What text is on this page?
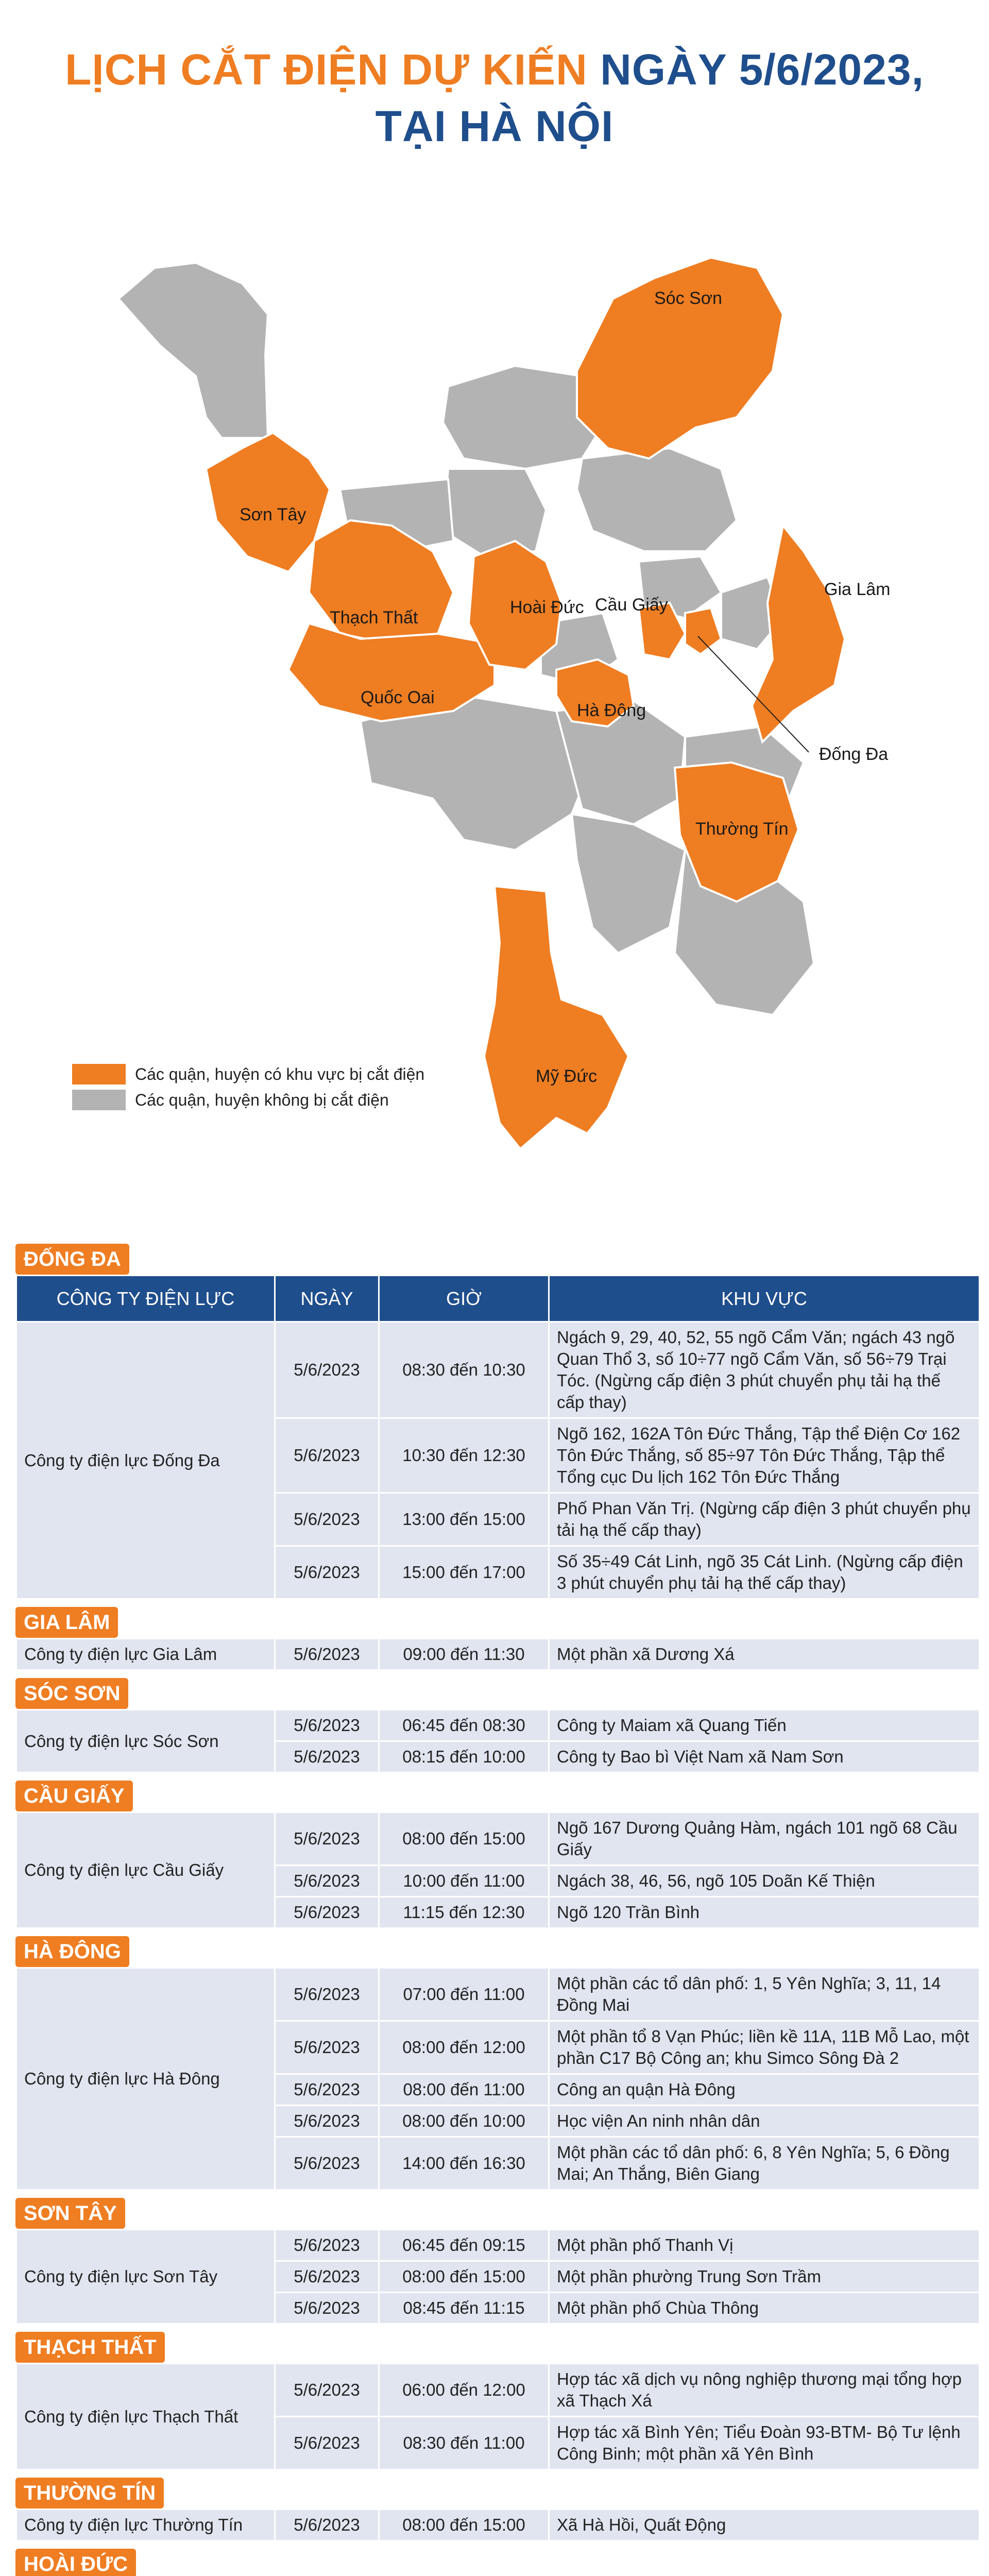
LỊCH CẮT ĐIỆN DỰ KIẾN NGÀY 5/6/2023,
TẠI HÀ NỘI
Sóc Sơn
Sơn Tây
Thạch Thất
Hoài Đức Cầu Giấy
Gia Lâm
Quốc Oai
Hà Đông
Đống Đa
Thường Tín
Mỹ Đức
Các quận, huyện có khu vực bị cắt điện
Các quận, huyện không bị cắt điện
ĐỐNG ĐA
CÔNG TY ĐIỆN LỰC	NGÀY	GIỜ	KHU VỰC
Công ty điện lực Đống Đa	5/6/2023	08:30 đến 10:30	Ngách 9, 29, 40, 52, 55 ngõ Cẩm Văn; ngách 43 ngõ Quan Thổ 3, số 10÷77 ngõ Cẩm Văn, số 56÷79 Trại Tóc. (Ngừng cấp điện 3 phút chuyển phụ tải hạ thế cấp thay)
	5/6/2023	10:30 đến 12:30	Ngõ 162, 162A Tôn Đức Thắng, Tập thể Điện Cơ 162 Tôn Đức Thắng, số 85÷97 Tôn Đức Thắng, Tập thể Tổng cục Du lịch 162 Tôn Đức Thắng
	5/6/2023	13:00 đến 15:00	Phố Phan Văn Trị. (Ngừng cấp điện 3 phút chuyển phụ tải hạ thế cấp thay)
	5/6/2023	15:00 đến 17:00	Số 35÷49 Cát Linh, ngõ 35 Cát Linh. (Ngừng cấp điện 3 phút chuyển phụ tải hạ thế cấp thay)
GIA LÂM
Công ty điện lực Gia Lâm	5/6/2023	09:00 đến 11:30	Một phần xã Dương Xá
SÓC SƠN
Công ty điện lực Sóc Sơn	5/6/2023	06:45 đến 08:30	Công ty Maiam xã Quang Tiến
	5/6/2023	08:15 đến 10:00	Công ty Bao bì Việt Nam xã Nam Sơn
CẦU GIẤY
Công ty điện lực Cầu Giấy	5/6/2023	08:00 đến 15:00	Ngõ 167 Dương Quảng Hàm, ngách 101 ngõ 68 Cầu Giấy
	5/6/2023	10:00 đến 11:00	Ngách 38, 46, 56, ngõ 105 Doãn Kế Thiện
	5/6/2023	11:15 đến 12:30	Ngõ 120 Trần Bình
HÀ ĐÔNG
Công ty điện lực Hà Đông	5/6/2023	07:00 đến 11:00	Một phần các tổ dân phố: 1, 5 Yên Nghĩa; 3, 11, 14 Đồng Mai
	5/6/2023	08:00 đến 12:00	Một phần tổ 8 Vạn Phúc; liền kề 11A, 11B Mỗ Lao, một phần C17 Bộ Công an; khu Simco Sông Đà 2
	5/6/2023	08:00 đến 11:00	Công an quận Hà Đông
	5/6/2023	08:00 đến 10:00	Học viện An ninh nhân dân
	5/6/2023	14:00 đến 16:30	Một phần các tổ dân phố: 6, 8 Yên Nghĩa; 5, 6 Đồng Mai; An Thắng, Biên Giang
SƠN TÂY
Công ty điện lực Sơn Tây	5/6/2023	06:45 đến 09:15	Một phần phố Thanh Vị
	5/6/2023	08:00 đến 15:00	Một phần phường Trung Sơn Trầm
	5/6/2023	08:45 đến 11:15	Một phần phố Chùa Thông
THẠCH THẤT
Công ty điện lực Thạch Thất	5/6/2023	06:00 đến 12:00	Hợp tác xã dịch vụ nông nghiệp thương mại tổng hợp xã Thạch Xá
	5/6/2023	08:30 đến 11:00	Hợp tác xã Bình Yên; Tiểu Đoàn 93-BTM- Bộ Tư lệnh Công Binh; một phần xã Yên Bình
THƯỜNG TÍN
Công ty điện lực Thường Tín	5/6/2023	08:00 đến 15:00	Xã Hà Hồi, Quất Động
HOÀI ĐỨC
